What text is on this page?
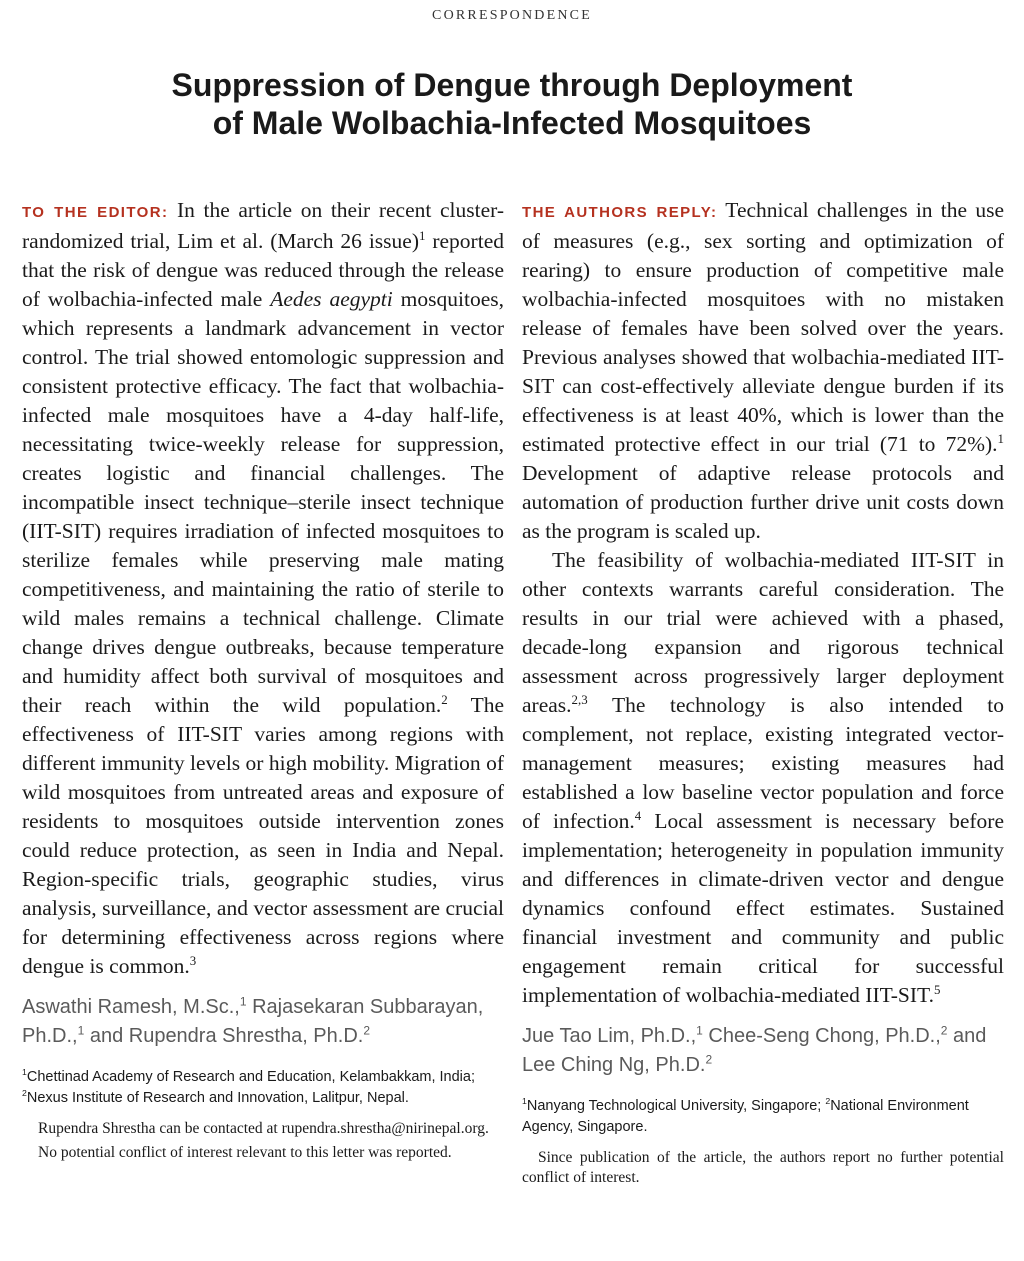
CORRESPONDENCE
Suppression of Dengue through Deployment
of Male Wolbachia-Infected Mosquitoes

TO THE EDITOR: In the article on their recent cluster-randomized trial, Lim et al. (March 26 issue)$^1$ reported that the risk of dengue was reduced through the release of wolbachia-infected male Aedes aegypti mosquitoes, which represents a landmark advancement in vector control. The trial showed entomologic suppression and consistent protective efficacy. The fact that wolbachia-infected male mosquitoes have a 4-day half-life, necessitating twice-weekly release for suppression, creates logistic and financial challenges. The incompatible insect technique–sterile insect technique (IIT-SIT) requires irradiation of infected mosquitoes to sterilize females while preserving male mating competitiveness, and maintaining the ratio of sterile to wild males remains a technical challenge. Climate change drives dengue outbreaks, because temperature and humidity affect both survival of mosquitoes and their reach within the wild population.$^2$ The effectiveness of IIT-SIT varies among regions with different immunity levels or high mobility. Migration of wild mosquitoes from untreated areas and exposure of residents to mosquitoes outside intervention zones could reduce protection, as seen in India and Nepal. Region-specific trials, geographic studies, virus analysis, surveillance, and vector assessment are crucial for determining effectiveness across regions where dengue is common.$^3$

Aswathi Ramesh, M.Sc.,$^1$ Rajasekaran Subbarayan, Ph.D.,$^1$ and Rupendra Shrestha, Ph.D.$^2$

$^1$Chettinad Academy of Research and Education, Kelambakkam, India; $^2$Nexus Institute of Research and Innovation, Lalitpur, Nepal.

Rupendra Shrestha can be contacted at rupendra.shrestha@nirinepal.org.

No potential conflict of interest relevant to this letter was reported.

THE AUTHORS REPLY: Technical challenges in the use of measures (e.g., sex sorting and optimization of rearing) to ensure production of competitive male wolbachia-infected mosquitoes with no mistaken release of females have been solved over the years. Previous analyses showed that wolbachia-mediated IIT-SIT can cost-effectively alleviate dengue burden if its effectiveness is at least 40%, which is lower than the estimated protective effect in our trial (71 to 72%).$^1$ Development of adaptive release protocols and automation of production further drive unit costs down as the program is scaled up.

The feasibility of wolbachia-mediated IIT-SIT in other contexts warrants careful consideration. The results in our trial were achieved with a phased, decade-long expansion and rigorous technical assessment across progressively larger deployment areas.$^{2,3}$ The technology is also intended to complement, not replace, existing integrated vector-management measures; existing measures had established a low baseline vector population and force of infection.$^4$ Local assessment is necessary before implementation; heterogeneity in population immunity and differences in climate-driven vector and dengue dynamics confound effect estimates. Sustained financial investment and community and public engagement remain critical for successful implementation of wolbachia-mediated IIT-SIT.$^5$

Jue Tao Lim, Ph.D.,$^1$ Chee-Seng Chong, Ph.D.,$^2$ and Lee Ching Ng, Ph.D.$^2$

$^1$Nanyang Technological University, Singapore; $^2$National Environment Agency, Singapore.

Since publication of the article, the authors report no further potential conflict of interest.
